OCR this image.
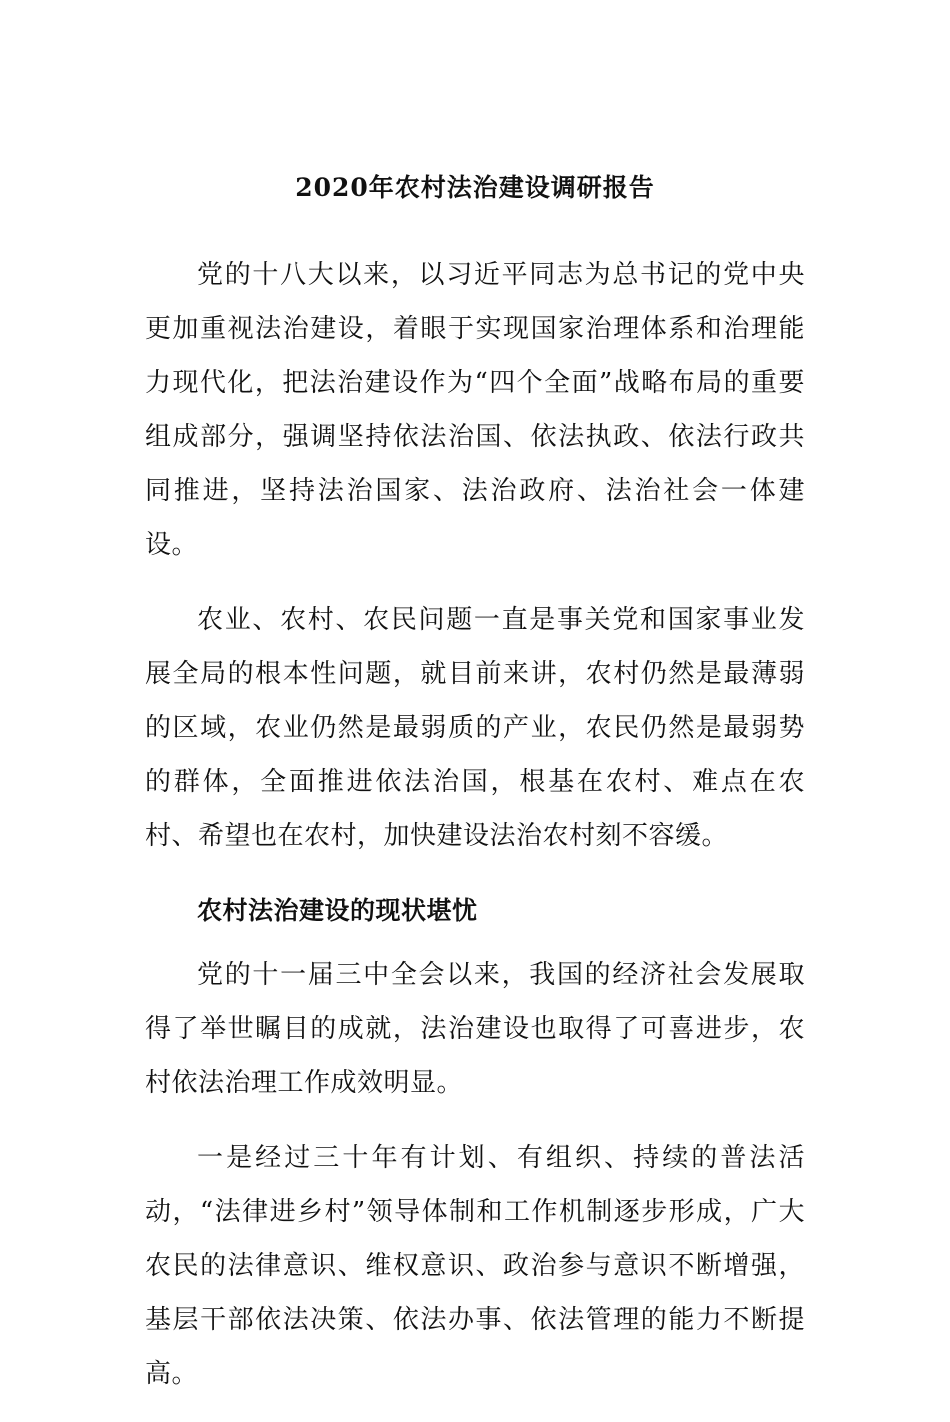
2020年农村法治建设调研报告

党的十八大以来，以习近平同志为总书记的党中央更加重视法治建设，着眼于实现国家治理体系和治理能力现代化，把法治建设作为“四个全面”战略布局的重要组成部分，强调坚持依法治国、依法执政、依法行政共同推进，坚持法治国家、法治政府、法治社会一体建设。

农业、农村、农民问题一直是事关党和国家事业发展全局的根本性问题，就目前来讲，农村仍然是最薄弱的区域，农业仍然是最弱质的产业，农民仍然是最弱势的群体，全面推进依法治国，根基在农村、难点在农村、希望也在农村，加快建设法治农村刻不容缓。

农村法治建设的现状堪忧

党的十一届三中全会以来，我国的经济社会发展取得了举世瞩目的成就，法治建设也取得了可喜进步，农村依法治理工作成效明显。

一是经过三十年有计划、有组织、持续的普法活动，“法律进乡村”领导体制和工作机制逐步形成，广大农民的法律意识、维权意识、政治参与意识不断增强，基层干部依法决策、依法办事、依法管理的能力不断提高。
